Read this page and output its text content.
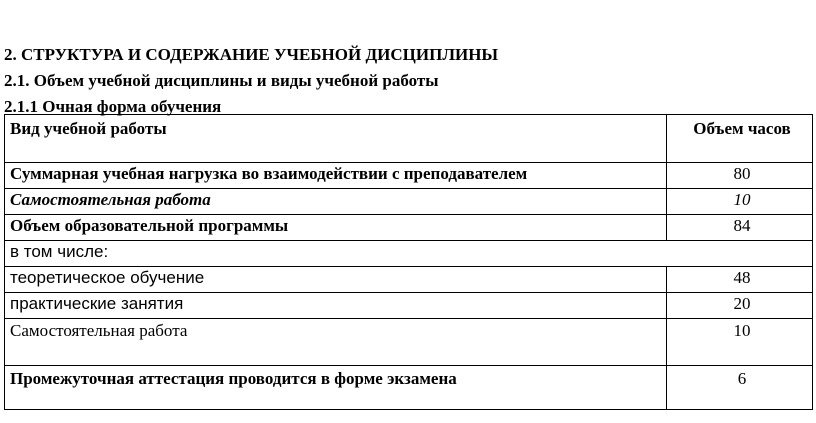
2. СТРУКТУРА И СОДЕРЖАНИЕ УЧЕБНОЙ ДИСЦИПЛИНЫ
2.1. Объем учебной дисциплины и виды учебной работы
2.1.1 Очная форма обучения
Вид учебной работы	Объем часов
Суммарная учебная нагрузка во взаимодействии с преподавателем	80
Самостоятельная работа	10
Объем образовательной программы	84
в том числе:	
теоретическое обучение	48
практические занятия	20
Самостоятельная работа	10
Промежуточная аттестация проводится в форме экзамена	6
